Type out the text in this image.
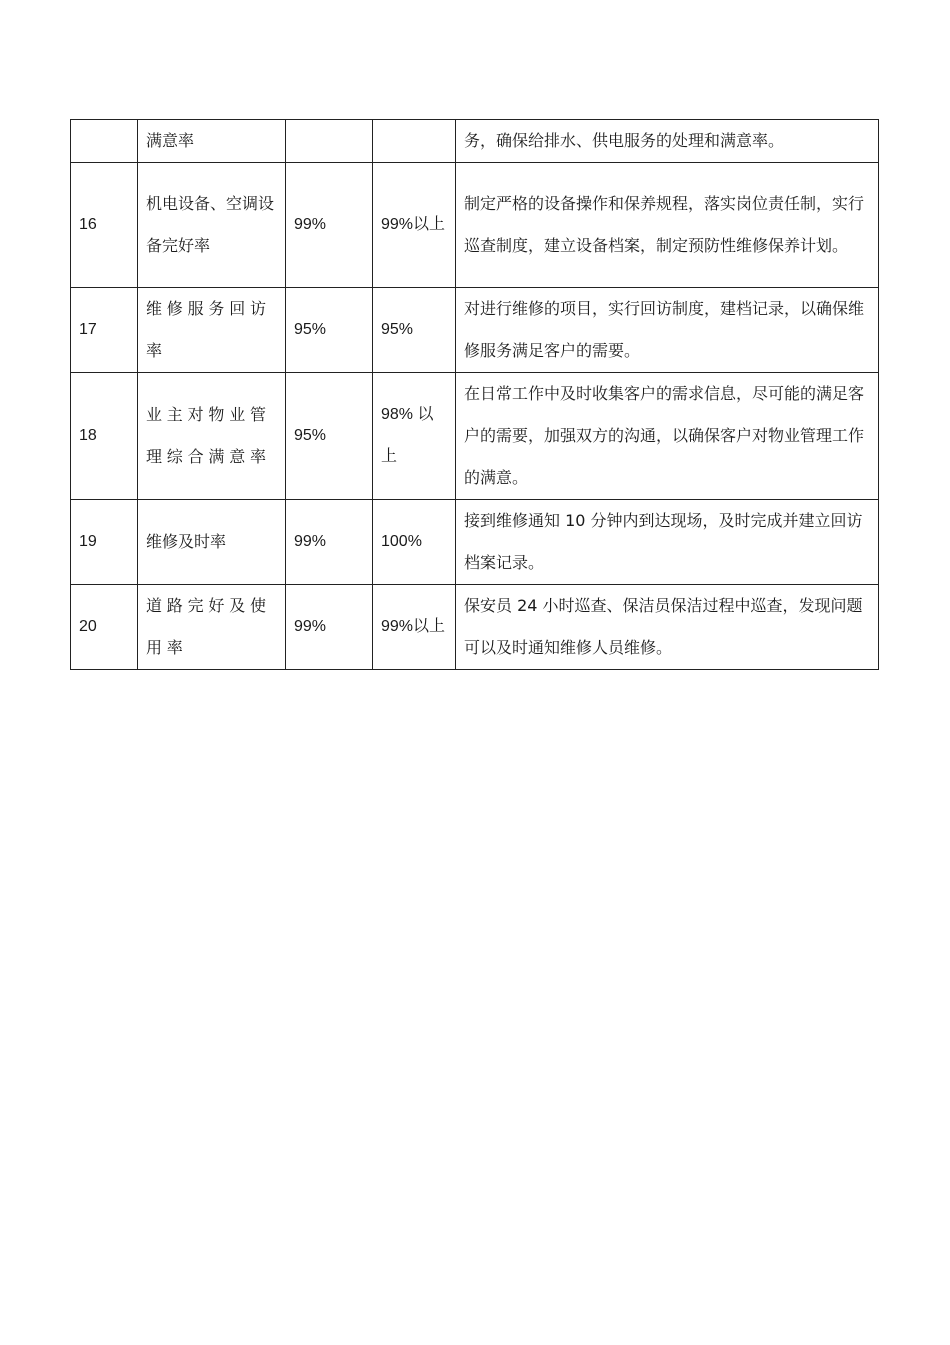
	满意率			务，确保给排水、供电服务的处理和满意率。
16	机电设备、空调设备完好率	99%	99%以上	制定严格的设备操作和保养规程，落实岗位责任制，实行巡查制度，建立设备档案，制定预防性维修保养计划。
17	维修服务回访率	95%	95%	对进行维修的项目，实行回访制度，建档记录，以确保维修服务满足客户的需要。
18	业主对物业管理综合满意率	95%	98% 以上	在日常工作中及时收集客户的需求信息，尽可能的满足客户的需要，加强双方的沟通，以确保客户对物业管理工作的满意。
19	维修及时率	99%	100%	接到维修通知 10 分钟内到达现场，及时完成并建立回访档案记录。
20	道路完好及使用率	99%	99%以上	保安员 24 小时巡查、保洁员保洁过程中巡查，发现问题可以及时通知维修人员维修。
